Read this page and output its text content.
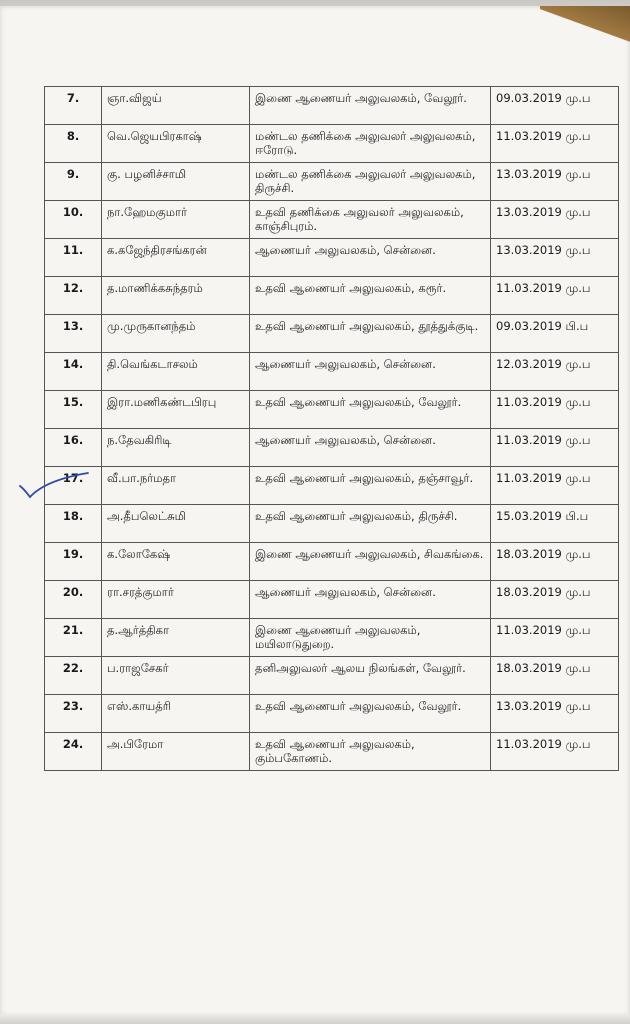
7.	ஞா.விஜய்	இணை ஆணையர் அலுவலகம், வேலூர்.	09.03.2019 மு.ப
8.	வெ.ஜெயபிரகாஷ்	மண்டல தணிக்கை அலுவலர் அலுவலகம், ஈரோடு.	11.03.2019 மு.ப
9.	கு. பழனிச்சாமி	மண்டல தணிக்கை அலுவலர் அலுவலகம், திருச்சி.	13.03.2019 மு.ப
10.	நா.ஹேமகுமார்	உதவி தணிக்கை அலுவலர் அலுவலகம், காஞ்சிபுரம்.	13.03.2019 மு.ப
11.	க.கஜேந்திரசங்கரன்	ஆணையர் அலுவலகம், சென்னை.	13.03.2019 மு.ப
12.	த.மாணிக்கசுந்தரம்	உதவி ஆணையர் அலுவலகம், கரூர்.	11.03.2019 மு.ப
13.	மு.முருகானந்தம்	உதவி ஆணையர் அலுவலகம், தூத்துக்குடி.	09.03.2019 பி.ப
14.	தி.வெங்கடாசலம்	ஆணையர் அலுவலகம், சென்னை.	12.03.2019 மு.ப
15.	இரா.மணிகண்டபிரபு	உதவி ஆணையர் அலுவலகம், வேலூர்.	11.03.2019 மு.ப
16.	ந.தேவகிரிடி	ஆணையர் அலுவலகம், சென்னை.	11.03.2019 மு.ப
17.	வீ.பா.நர்மதா	உதவி ஆணையர் அலுவலகம், தஞ்சாவூர்.	11.03.2019 மு.ப
18.	அ.தீபலெட்சுமி	உதவி ஆணையர் அலுவலகம், திருச்சி.	15.03.2019 பி.ப
19.	க.லோகேஷ்	இணை ஆணையர் அலுவலகம், சிவகங்கை.	18.03.2019 மு.ப
20.	ரா.சரத்குமார்	ஆணையர் அலுவலகம், சென்னை.	18.03.2019 மு.ப
21.	த.ஆர்த்திகா	இணை ஆணையர் அலுவலகம், மயிலாடுதுறை.	11.03.2019 மு.ப
22.	ப.ராஜசேகர்	தனிஅலுவலர் ஆலய நிலங்கள், வேலூர்.	18.03.2019 மு.ப
23.	எஸ்.காயத்ரி	உதவி ஆணையர் அலுவலகம், வேலூர்.	13.03.2019 மு.ப
24.	அ.பிரேமா	உதவி ஆணையர் அலுவலகம், கும்பகோணம்.	11.03.2019 மு.ப
